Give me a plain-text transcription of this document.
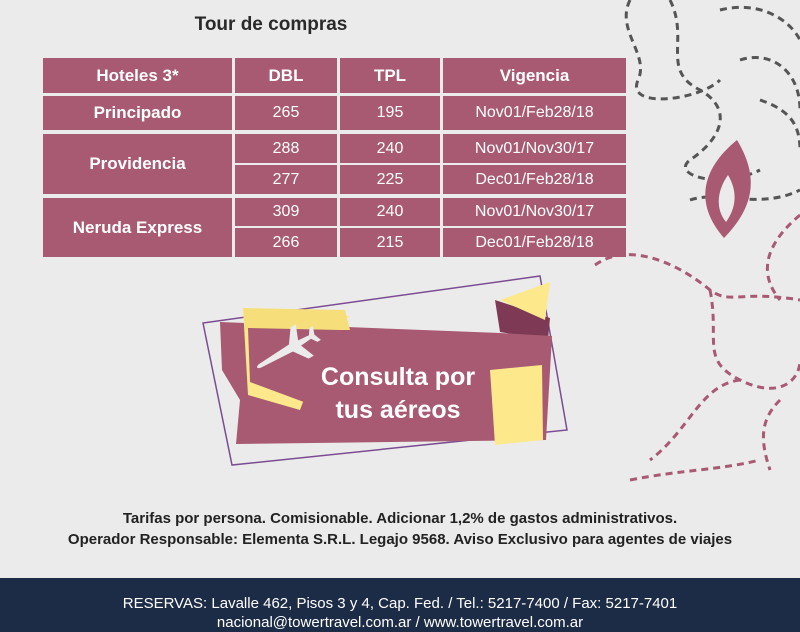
Tour de compras
Hoteles 3*	DBL	TPL	Vigencia
Principado	265	195	Nov01/Feb28/18
Providencia
288	240	Nov01/Nov30/17
277	225	Dec01/Feb28/18
Neruda Express
309	240	Nov01/Nov30/17
266	215	Dec01/Feb28/18
Consulta por
tus aéreos
Tarifas por persona. Comisionable. Adicionar 1,2% de gastos administrativos.
Operador Responsable: Elementa S.R.L. Legajo 9568. Aviso Exclusivo para agentes de viajes
RESERVAS: Lavalle 462, Pisos 3 y 4, Cap. Fed. / Tel.: 5217-7400 / Fax: 5217-7401
nacional@towertravel.com.ar / www.towertravel.com.ar
